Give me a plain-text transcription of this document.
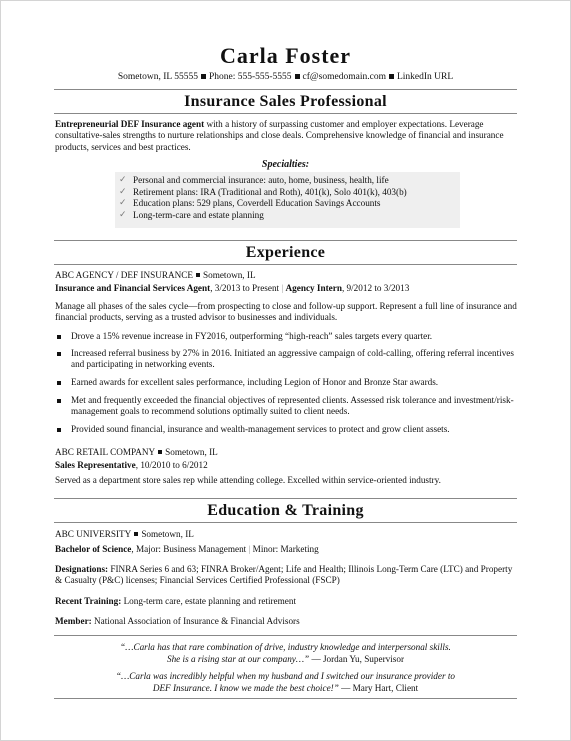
Carla Foster
Sometown, IL 55555 Phone: 555-555-5555 cf@somedomain.com LinkedIn URL
Insurance Sales Professional
Entrepreneurial DEF Insurance agent with a history of surpassing customer and employer expectations. Leverage consultative-sales strengths to nurture relationships and close deals. Comprehensive knowledge of financial and insurance products, services and best practices.
Specialties:
✓ Personal and commercial insurance: auto, home, business, health, life
✓ Retirement plans: IRA (Traditional and Roth), 401(k), Solo 401(k), 403(b)
✓ Education plans: 529 plans, Coverdell Education Savings Accounts
✓ Long-term-care and estate planning
Experience
ABC AGENCY / DEF INSURANCE Sometown, IL
Insurance and Financial Services Agent, 3/2013 to Present | Agency Intern, 9/2012 to 3/2013
Manage all phases of the sales cycle—from prospecting to close and follow-up support. Represent a full line of insurance and financial products, serving as a trusted advisor to businesses and individuals.
Drove a 15% revenue increase in FY2016, outperforming “high-reach” sales targets every quarter.
Increased referral business by 27% in 2016. Initiated an aggressive campaign of cold-calling, offering referral incentives and participating in networking events.
Earned awards for excellent sales performance, including Legion of Honor and Bronze Star awards.
Met and frequently exceeded the financial objectives of represented clients. Assessed risk tolerance and investment/risk-management goals to recommend solutions optimally suited to client needs.
Provided sound financial, insurance and wealth-management services to protect and grow client assets.
ABC RETAIL COMPANY Sometown, IL
Sales Representative, 10/2010 to 6/2012
Served as a department store sales rep while attending college. Excelled within service-oriented industry.
Education & Training
ABC UNIVERSITY Sometown, IL
Bachelor of Science, Major: Business Management | Minor: Marketing
Designations: FINRA Series 6 and 63; FINRA Broker/Agent; Life and Health; Illinois Long-Term Care (LTC) and Property & Casualty (P&C) licenses; Financial Services Certified Professional (FSCP)
Recent Training: Long-term care, estate planning and retirement
Member: National Association of Insurance & Financial Advisors
“…Carla has that rare combination of drive, industry knowledge and interpersonal skills.
She is a rising star at our company…” — Jordan Yu, Supervisor
“…Carla was incredibly helpful when my husband and I switched our insurance provider to
DEF Insurance. I know we made the best choice!” — Mary Hart, Client
